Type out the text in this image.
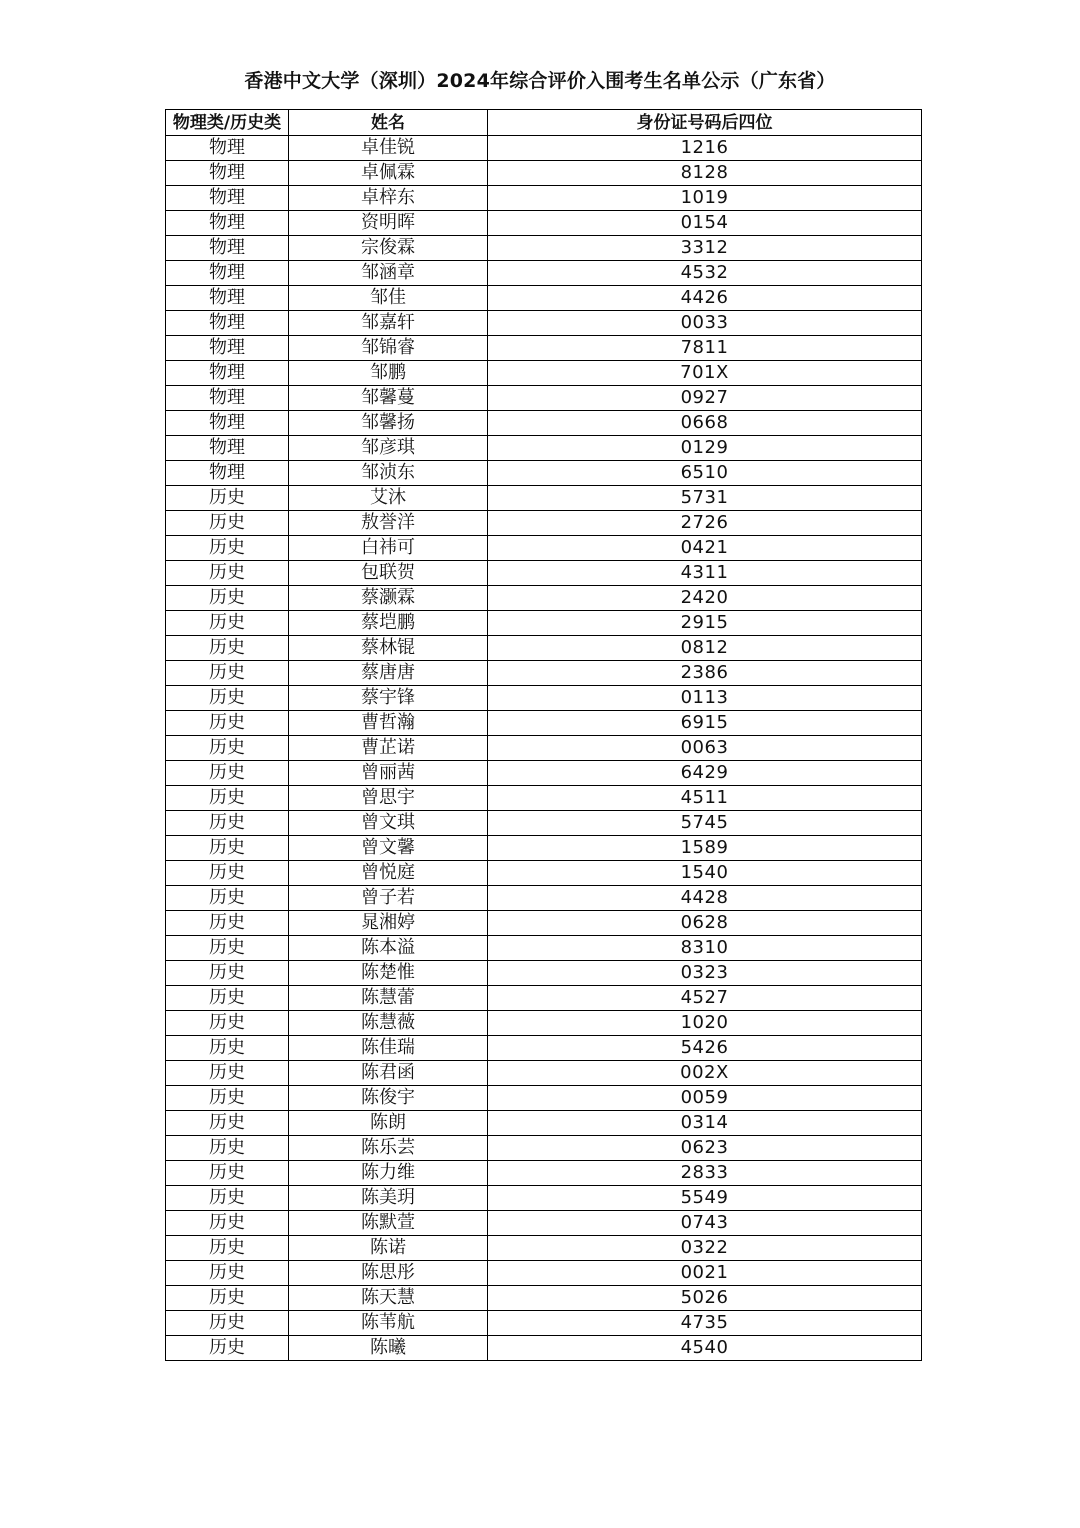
香港中文大学（深圳）2024年综合评价入围考生名单公示（广东省）
物理类/历史类	姓名	身份证号码后四位
物理	卓佳锐	1216
物理	卓佩霖	8128
物理	卓梓东	1019
物理	资明晖	0154
物理	宗俊霖	3312
物理	邹涵章	4532
物理	邹佳	4426
物理	邹嘉轩	0033
物理	邹锦睿	7811
物理	邹鹏	701X
物理	邹馨蔓	0927
物理	邹馨扬	0668
物理	邹彦琪	0129
物理	邹浈东	6510
历史	艾沐	5731
历史	敖誉洋	2726
历史	白祎可	0421
历史	包联贺	4311
历史	蔡灏霖	2420
历史	蔡垲鹏	2915
历史	蔡林锟	0812
历史	蔡唐唐	2386
历史	蔡宇锋	0113
历史	曹哲瀚	6915
历史	曹芷诺	0063
历史	曾丽茜	6429
历史	曾思宇	4511
历史	曾文琪	5745
历史	曾文馨	1589
历史	曾悦庭	1540
历史	曾子若	4428
历史	晁湘婷	0628
历史	陈本溢	8310
历史	陈楚惟	0323
历史	陈慧蕾	4527
历史	陈慧薇	1020
历史	陈佳瑞	5426
历史	陈君函	002X
历史	陈俊宇	0059
历史	陈朗	0314
历史	陈乐芸	0623
历史	陈力维	2833
历史	陈美玥	5549
历史	陈默萱	0743
历史	陈诺	0322
历史	陈思彤	0021
历史	陈天慧	5026
历史	陈苇航	4735
历史	陈曦	4540
